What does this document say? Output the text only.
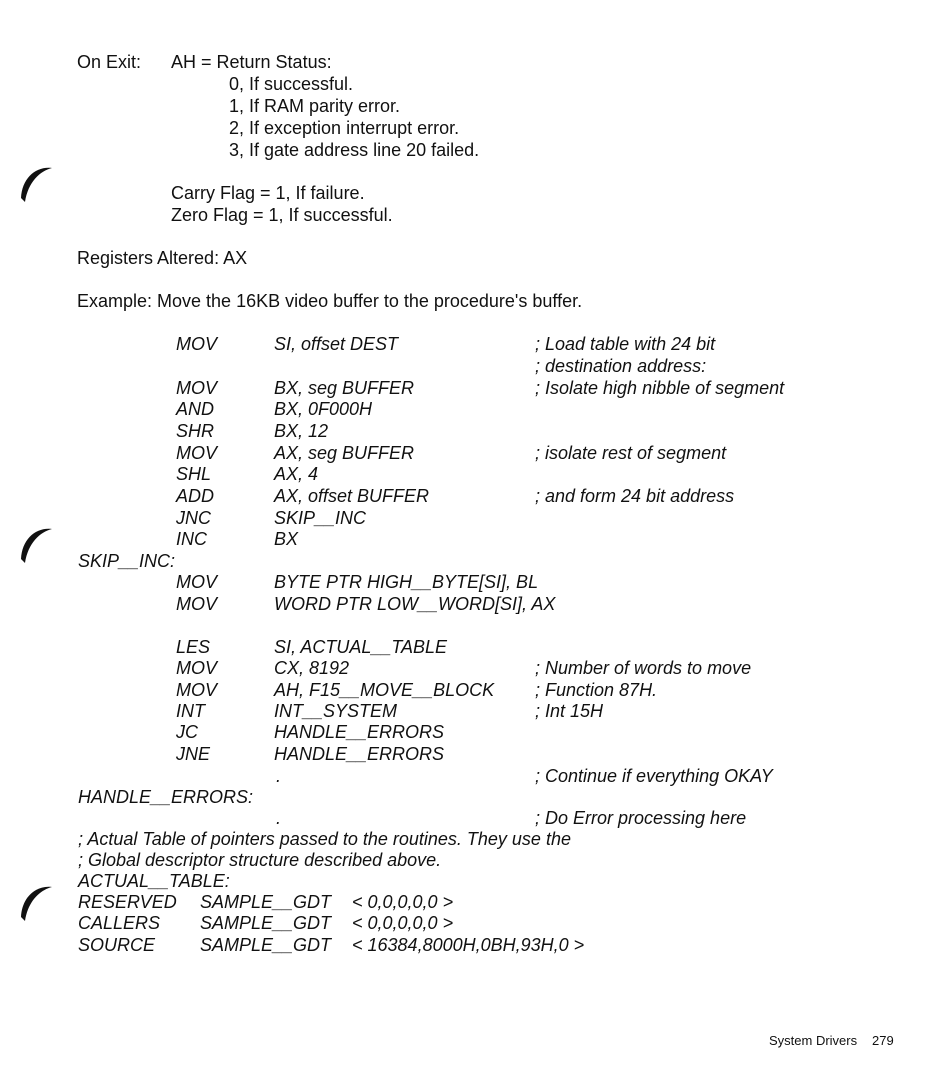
On Exit: AH = Return Status:
0, If successful.
1, If RAM parity error.
2, If exception interrupt error.
3, If gate address line 20 failed.
Carry Flag = 1, If failure.
Zero Flag = 1, If successful.
Registers Altered: AX
Example: Move the 16KB video buffer to the procedure's buffer.
MOV	SI, offset DEST	; Load table with 24 bit
; destination address:
MOV	BX, seg BUFFER	; Isolate high nibble of segment
AND	BX, 0F000H
SHR	BX, 12
MOV	AX, seg BUFFER	; isolate rest of segment
SHL	AX, 4
ADD	AX, offset BUFFER	; and form 24 bit address
JNC	SKIP__INC
INC	BX
SKIP__INC:
MOV	BYTE PTR HIGH__BYTE[SI], BL
MOV	WORD PTR LOW__WORD[SI], AX
LES	SI, ACTUAL__TABLE
MOV	CX, 8192	; Number of words to move
MOV	AH, F15__MOVE__BLOCK ; Function 87H.
INT	INT__SYSTEM	; Int 15H
JC	HANDLE__ERRORS
JNE	HANDLE__ERRORS
.	; Continue if everything OKAY
HANDLE__ERRORS:
.	; Do Error processing here
; Actual Table of pointers passed to the routines. They use the
; Global descriptor structure described above.
ACTUAL__TABLE:
RESERVED SAMPLE__GDT < 0,0,0,0,0 >
CALLERS SAMPLE__GDT < 0,0,0,0,0 >
SOURCE SAMPLE__GDT < 16384,8000H,0BH,93H,0 >
System Drivers 279
